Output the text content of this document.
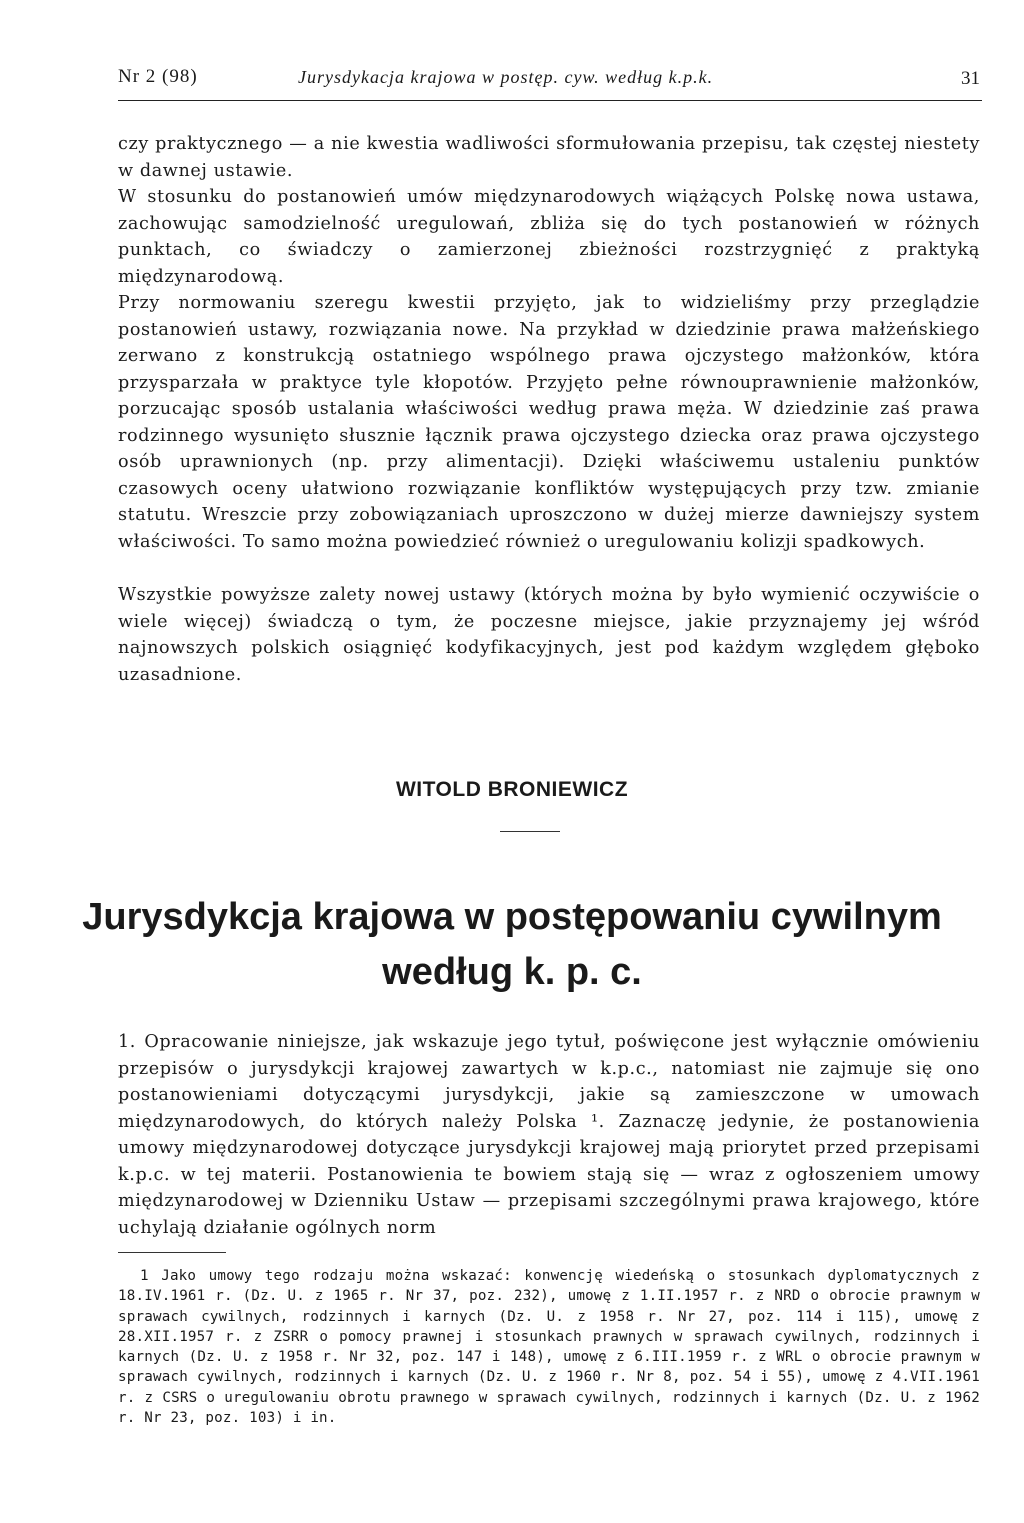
Nr 2 (98)	Jurysdykacja krajowa w postęp. cyw. według k.p.k.	31

czy praktycznego — a nie kwestia wadliwości sformułowania przepisu, tak częstej niestety w dawnej ustawie.

W stosunku do postanowień umów międzynarodowych wiążących Polskę nowa ustawa, zachowując samodzielność uregulowań, zbliża się do tych postanowień w różnych punktach, co świadczy o zamierzonej zbieżności rozstrzygnięć z praktyką międzynarodową.

Przy normowaniu szeregu kwestii przyjęto, jak to widzieliśmy przy przeglądzie postanowień ustawy, rozwiązania nowe. Na przykład w dziedzinie prawa małżeńskiego zerwano z konstrukcją ostatniego wspólnego prawa ojczystego małżonków, która przysparzała w praktyce tyle kłopotów. Przyjęto pełne równouprawnienie małżonków, porzucając sposób ustalania właściwości według prawa męża. W dziedzinie zaś prawa rodzinnego wysunięto słusznie łącznik prawa ojczystego dziecka oraz prawa ojczystego osób uprawnionych (np. przy alimentacji). Dzięki właściwemu ustaleniu punktów czasowych oceny ułatwiono rozwiązanie konfliktów występujących przy tzw. zmianie statutu. Wreszcie przy zobowiązaniach uproszczono w dużej mierze dawniejszy system właściwości. To samo można powiedzieć również o uregulowaniu kolizji spadkowych.

Wszystkie powyższe zalety nowej ustawy (których można by było wymienić oczywiście o wiele więcej) świadczą o tym, że poczesne miejsce, jakie przyznajemy jej wśród najnowszych polskich osiągnięć kodyfikacyjnych, jest pod każdym względem głęboko uzasadnione.

WITOLD BRONIEWICZ
Jurysdykcja krajowa w postępowaniu cywilnym
według k. p. c.

1. Opracowanie niniejsze, jak wskazuje jego tytuł, poświęcone jest wyłącznie omówieniu przepisów o jurysdykcji krajowej zawartych w k.p.c., natomiast nie zajmuje się ono postanowieniami dotyczącymi jurysdykcji, jakie są zamieszczone w umowach międzynarodowych, do których należy Polska ¹. Zaznaczę jedynie, że postanowienia umowy międzynarodowej dotyczące jurysdykcji krajowej mają priorytet przed przepisami k.p.c. w tej materii. Postanowienia te bowiem stają się — wraz z ogłoszeniem umowy międzynarodowej w Dzienniku Ustaw — przepisami szczególnymi prawa krajowego, które uchylają działanie ogólnych norm

1 Jako umowy tego rodzaju można wskazać: konwencję wiedeńską o stosunkach dyplomatycznych z 18.IV.1961 r. (Dz. U. z 1965 r. Nr 37, poz. 232), umowę z 1.II.1957 r. z NRD o obrocie prawnym w sprawach cywilnych, rodzinnych i karnych (Dz. U. z 1958 r. Nr 27, poz. 114 i 115), umowę z 28.XII.1957 r. z ZSRR o pomocy prawnej i stosunkach prawnych w sprawach cywilnych, rodzinnych i karnych (Dz. U. z 1958 r. Nr 32, poz. 147 i 148), umowę z 6.III.1959 r. z WRL o obrocie prawnym w sprawach cywilnych, rodzinnych i karnych (Dz. U. z 1960 r. Nr 8, poz. 54 i 55), umowę z 4.VII.1961 r. z CSRS o uregulowaniu obrotu prawnego w sprawach cywilnych, rodzinnych i karnych (Dz. U. z 1962 r. Nr 23, poz. 103) i in.
